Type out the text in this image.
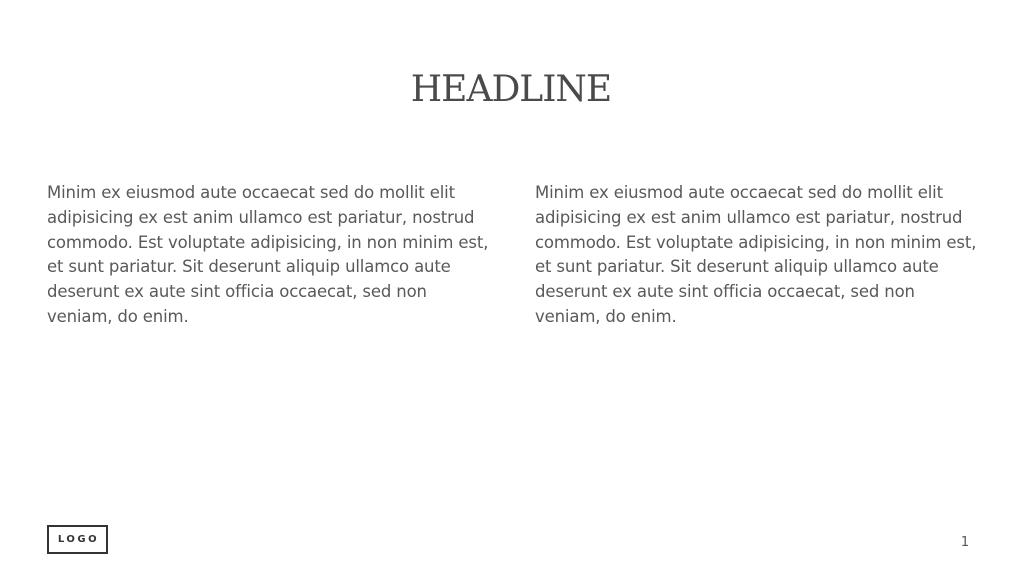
HEADLINE
Minim ex eiusmod aute occaecat sed do mollit elit adipisicing ex est anim ullamco est pariatur, nostrud commodo. Est voluptate adipisicing, in non minim est, et sunt pariatur. Sit deserunt aliquip ullamco aute deserunt ex aute sint officia occaecat, sed non veniam, do enim.
Minim ex eiusmod aute occaecat sed do mollit elit adipisicing ex est anim ullamco est pariatur, nostrud commodo. Est voluptate adipisicing, in non minim est, et sunt pariatur. Sit deserunt aliquip ullamco aute deserunt ex aute sint officia occaecat, sed non veniam, do enim.
LOGO	1
